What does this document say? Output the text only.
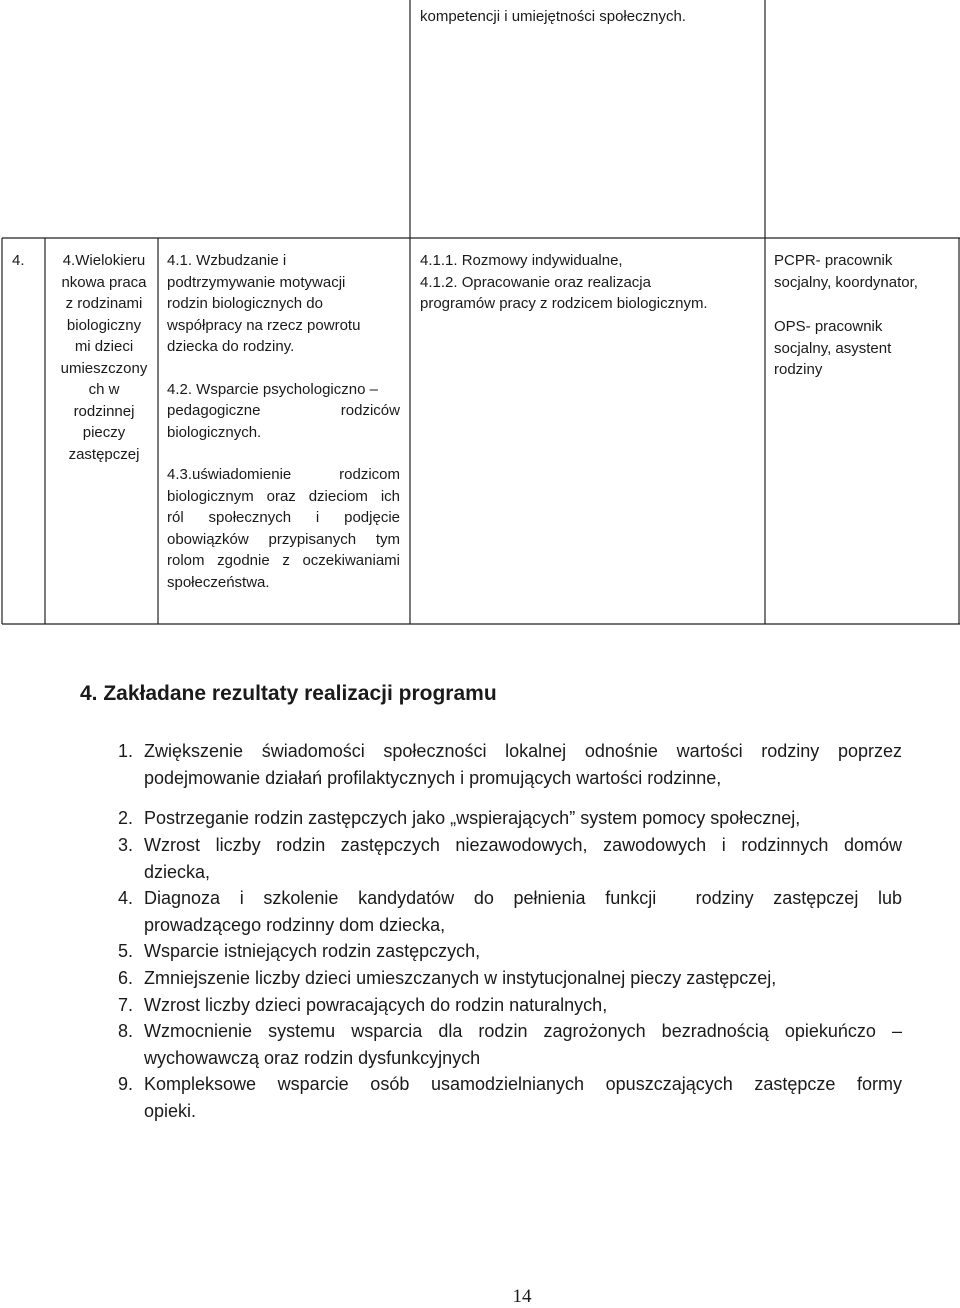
kompetencji i umiejętności społecznych.
4.	4.Wielokieru
nkowa praca
z rodzinami
biologiczny
mi dzieci
umieszczony
ch w
rodzinnej
pieczy
zastępczej
4.1. Wzbudzanie i
podtrzymywanie motywacji
rodzin biologicznych do
współpracy na rzecz powrotu
dziecka do rodziny.
4.2. Wsparcie psychologiczno –
pedagogiczne rodziców
biologicznych.
4.3.uświadomienie rodzicom
biologicznym oraz dzieciom ich
ról społecznych i podjęcie
obowiązków przypisanych tym
rolom zgodnie z oczekiwaniami
społeczeństwa.
4.1.1. Rozmowy indywidualne,
4.1.2. Opracowanie oraz realizacja
programów pracy z rodzicem biologicznym.
PCPR- pracownik
socjalny, koordynator,
OPS- pracownik
socjalny, asystent
rodziny
4. Zakładane rezultaty realizacji programu
1. Zwiększenie świadomości społeczności lokalnej odnośnie wartości rodziny poprzez
podejmowanie działań profilaktycznych i promujących wartości rodzinne,
2. Postrzeganie rodzin zastępczych jako „wspierających” system pomocy społecznej,
3. Wzrost liczby rodzin zastępczych niezawodowych, zawodowych i rodzinnych domów
dziecka,
4. Diagnoza i szkolenie kandydatów do pełnienia funkcji  rodziny zastępczej lub
prowadzącego rodzinny dom dziecka,
5. Wsparcie istniejących rodzin zastępczych,
6. Zmniejszenie liczby dzieci umieszczanych w instytucjonalnej pieczy zastępczej,
7. Wzrost liczby dzieci powracających do rodzin naturalnych,
8. Wzmocnienie systemu wsparcia dla rodzin zagrożonych bezradnością opiekuńczo –
wychowawczą oraz rodzin dysfunkcyjnych
9. Kompleksowe wsparcie osób usamodzielnianych opuszczających zastępcze formy
opieki.
14
